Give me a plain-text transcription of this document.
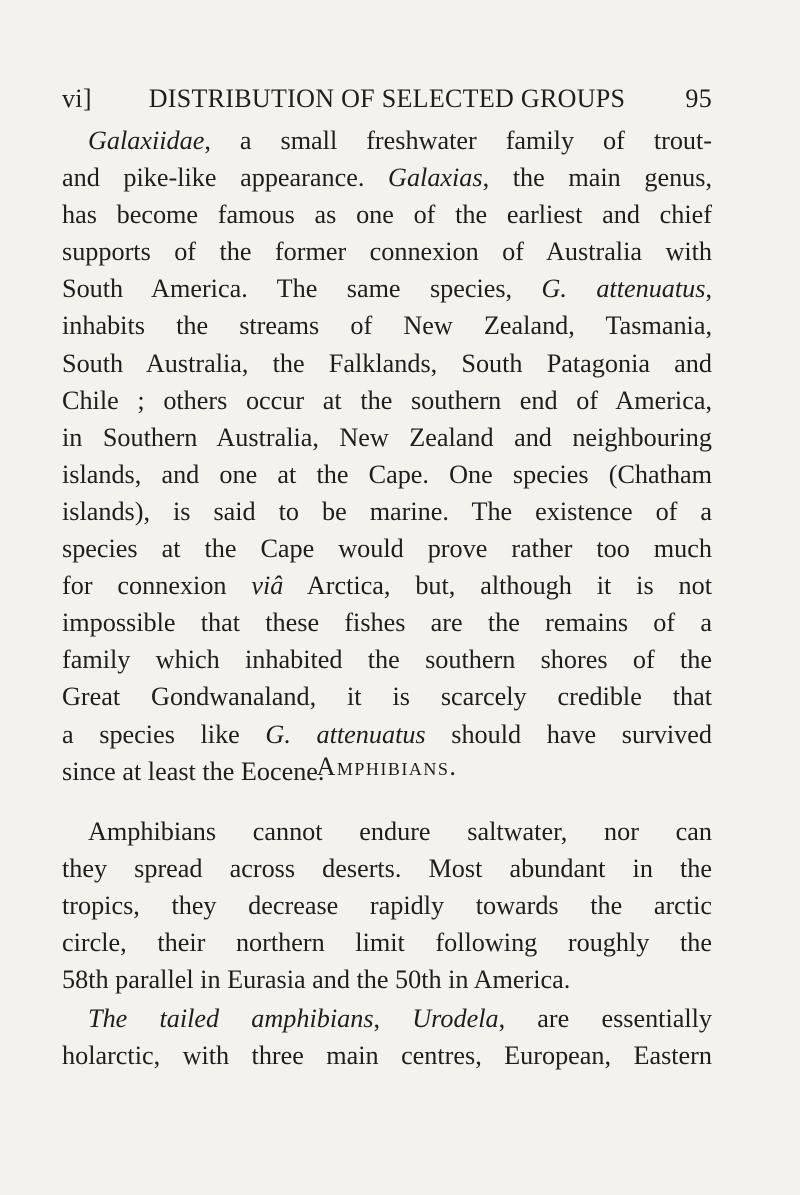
vi]	DISTRIBUTION OF SELECTED GROUPS	95
Galaxiidae, a small freshwater family of trout-
and pike-like appearance. Galaxias, the main genus,
has become famous as one of the earliest and chief
supports of the former connexion of Australia with
South America. The same species, G. attenuatus,
inhabits the streams of New Zealand, Tasmania,
South Australia, the Falklands, South Patagonia and
Chile ; others occur at the southern end of America,
in Southern Australia, New Zealand and neighbouring
islands, and one at the Cape. One species (Chatham
islands), is said to be marine. The existence of a
species at the Cape would prove rather too much
for connexion viâ Arctica, but, although it is not
impossible that these fishes are the remains of a
family which inhabited the southern shores of the
Great Gondwanaland, it is scarcely credible that
a species like G. attenuatus should have survived
since at least the Eocene.
Amphibians.
Amphibians cannot endure saltwater, nor can
they spread across deserts. Most abundant in the
tropics, they decrease rapidly towards the arctic
circle, their northern limit following roughly the
58th parallel in Eurasia and the 50th in America.
The tailed amphibians, Urodela, are essentially
holarctic, with three main centres, European, Eastern
